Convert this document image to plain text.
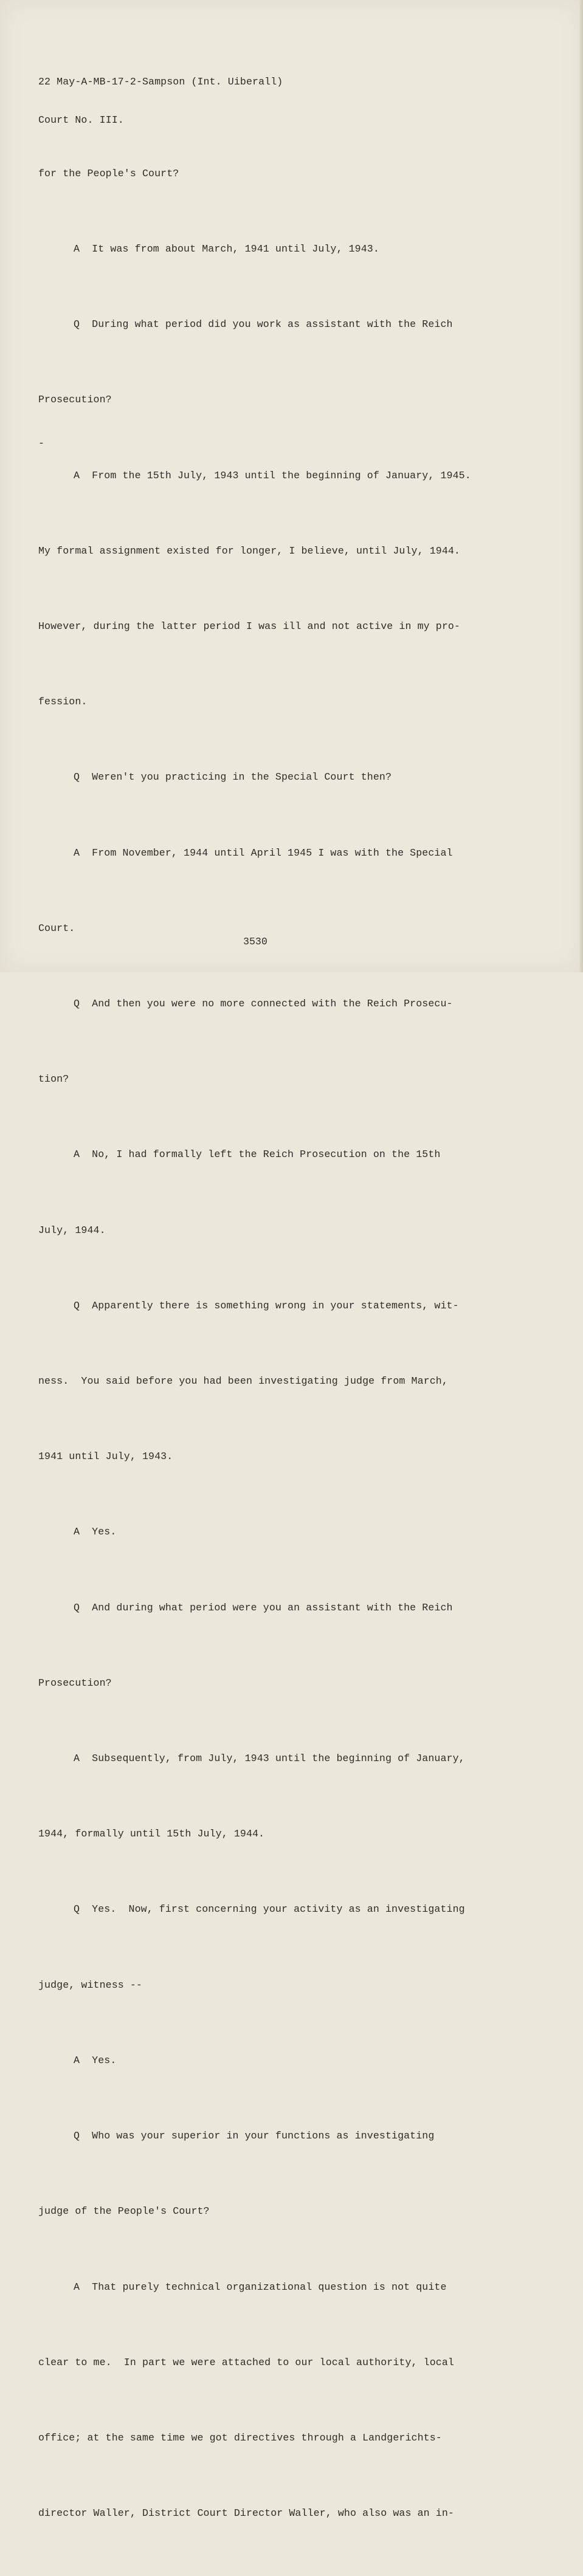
22 May-A-MB-17-2-Sampson (Int. Uiberall)

Court No. III.

-

for the People's Court?

A  It was from about March, 1941 until July, 1943.

Q  During what period did you work as assistant with the Reich

Prosecution?

A  From the 15th July, 1943 until the beginning of January, 1945.

My formal assignment existed for longer, I believe, until July, 1944.

However, during the latter period I was ill and not active in my pro-

fession.

Q  Weren't you practicing in the Special Court then?

A  From November, 1944 until April 1945 I was with the Special

Court.

Q  And then you were no more connected with the Reich Prosecu-

tion?

A  No, I had formally left the Reich Prosecution on the 15th

July, 1944.

Q  Apparently there is something wrong in your statements, wit-

ness.  You said before you had been investigating judge from March,

1941 until July, 1943.

A  Yes.

Q  And during what period were you an assistant with the Reich

Prosecution?

A  Subsequently, from July, 1943 until the beginning of January,

1944, formally until 15th July, 1944.

Q  Yes.  Now, first concerning your activity as an investigating

judge, witness --

A  Yes.

Q  Who was your superior in your functions as investigating

judge of the People's Court?

A  That purely technical organizational question is not quite

clear to me.  In part we were attached to our local authority, local

office; at the same time we got directives through a Landgerichts-

director Waller, District Court Director Waller, who also was an in-

3530
